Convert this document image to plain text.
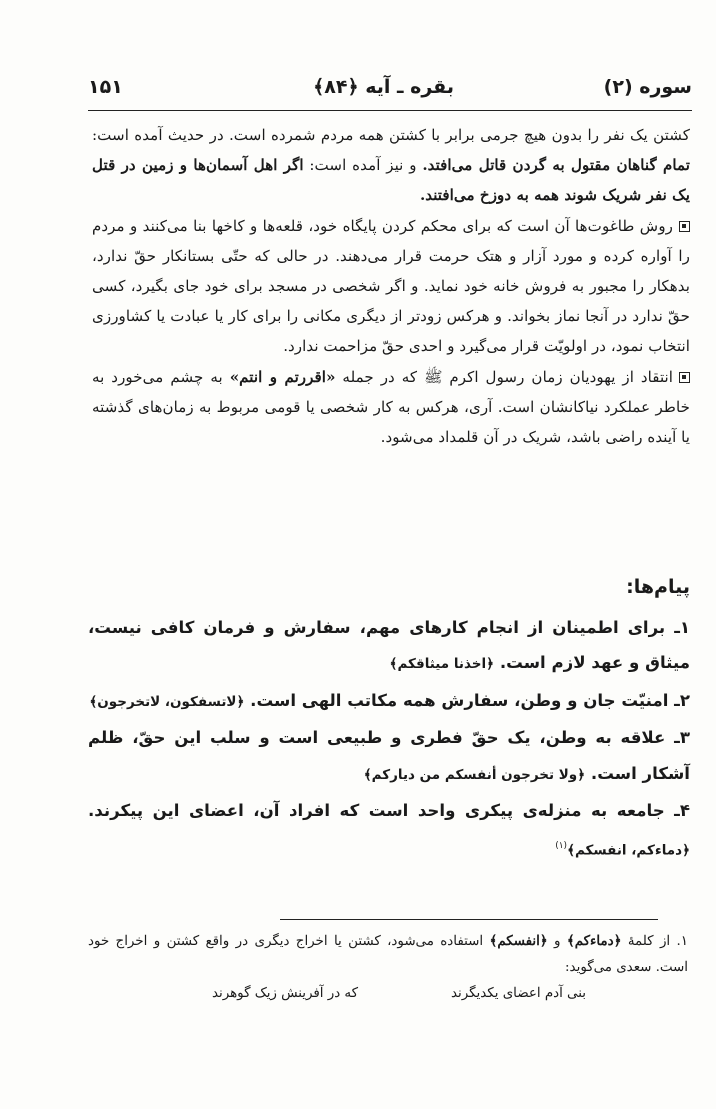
سوره (۲)
بقره ـ آیه ﴿۸۴﴾
۱۵۱

کشتن یک نفر را بدون هیچ جرمی برابر با کشتن همه مردم شمرده است. در حدیث آمده است: تمام گناهان مقتول به گردن قاتل می‌افتد. و نیز آمده است: اگر اهل آسمان‌ها و زمین در قتل یک نفر شریک شوند همه به دوزخ می‌افتند.

روش طاغوت‌ها آن است که برای محکم کردن پایگاه خود، قلعه‌ها و کاخها بنا می‌کنند و مردم را آواره کرده و مورد آزار و هتک حرمت قرار می‌دهند. در حالی که حتّی بستانکار حقّ ندارد، بدهکار را مجبور به فروش خانه خود نماید. و اگر شخصی در مسجد برای خود جای بگیرد، کسی حقّ ندارد در آنجا نماز بخواند. و هرکس زودتر از دیگری مکانی را برای کار یا عبادت یا کشاورزی انتخاب نمود، در اولویّت قرار می‌گیرد و احدی حقّ مزاحمت ندارد.

انتقاد از یهودیان زمان رسول اکرم ﷺ که در جمله «اقررتم و انتم» به چشم می‌خورد به خاطر عملکرد نیاکانشان است. آری، هرکس به کار شخصی یا قومی مربوط به زمان‌های گذشته یا آینده راضی باشد، شریک در آن قلمداد می‌شود.

پیام‌ها:

۱ـ برای اطمینان از انجام کارهای مهم، سفارش و فرمان کافی نیست، میثاق و عهد لازم است. ﴿اخذنا میثاقکم﴾

۲ـ امنیّت جان و وطن، سفارش همه مکاتب الهی است. ﴿لاتسفکون، لاتخرجون﴾

۳ـ علاقه به وطن، یک حقّ فطری و طبیعی است و سلب این حقّ، ظلم آشکار است. ﴿ولا تخرجون أنفسکم من دیارکم﴾

۴ـ جامعه به منزله‌ی پیکری واحد است که افراد آن، اعضای این پیکرند. ﴿دماءکم، انفسکم﴾$^{(۱)}$

۱. از کلمهٔ ﴿دماءکم﴾ و ﴿انفسکم﴾ استفاده می‌شود، کشتن یا اخراج دیگری در واقع کشتن و اخراج خود است. سعدی می‌گوید:

بنی آدم اعضای یکدیگرند
که در آفرینش زیک گوهرند
